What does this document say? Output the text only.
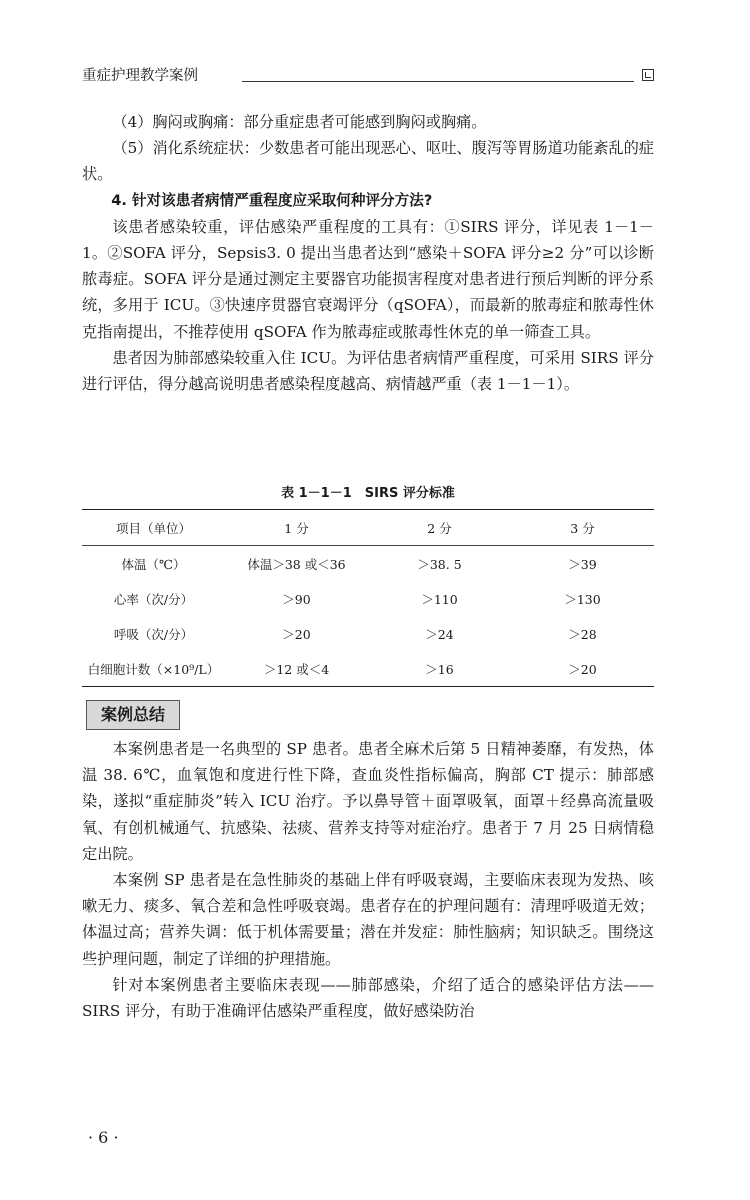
重症护理教学案例

（4）胸闷或胸痛：部分重症患者可能感到胸闷或胸痛。

（5）消化系统症状：少数患者可能出现恶心、呕吐、腹泻等胃肠道功能紊乱的症状。

4. 针对该患者病情严重程度应采取何种评分方法?

该患者感染较重，评估感染严重程度的工具有：①SIRS 评分，详见表 1－1－1。②SOFA 评分，Sepsis3. 0 提出当患者达到“感染＋SOFA 评分≥2 分”可以诊断脓毒症。SOFA 评分是通过测定主要器官功能损害程度对患者进行预后判断的评分系统，多用于 ICU。③快速序贯器官衰竭评分（qSOFA），而最新的脓毒症和脓毒性休克指南提出，不推荐使用 qSOFA 作为脓毒症或脓毒性休克的单一筛查工具。

患者因为肺部感染较重入住 ICU。为评估患者病情严重程度，可采用 SIRS 评分进行评估，得分越高说明患者感染程度越高、病情越严重（表 1－1－1）。

表 1－1－1　SIRS 评分标准
项目（单位）	1 分	2 分	3 分
体温（℃）	体温＞38 或＜36	＞38. 5	＞39
心率（次/分）	＞90	＞110	＞130
呼吸（次/分）	＞20	＞24	＞28
白细胞计数（×10⁹/L）	＞12 或＜4	＞16	＞20
案例总结

本案例患者是一名典型的 SP 患者。患者全麻术后第 5 日精神萎靡，有发热，体温 38. 6℃，血氧饱和度进行性下降，查血炎性指标偏高，胸部 CT 提示：肺部感染，遂拟“重症肺炎”转入 ICU 治疗。予以鼻导管＋面罩吸氧，面罩＋经鼻高流量吸氧、有创机械通气、抗感染、祛痰、营养支持等对症治疗。患者于 7 月 25 日病情稳定出院。

本案例 SP 患者是在急性肺炎的基础上伴有呼吸衰竭，主要临床表现为发热、咳嗽无力、痰多、氧合差和急性呼吸衰竭。患者存在的护理问题有：清理呼吸道无效；体温过高；营养失调：低于机体需要量；潜在并发症：肺性脑病；知识缺乏。围绕这些护理问题，制定了详细的护理措施。

针对本案例患者主要临床表现——肺部感染，介绍了适合的感染评估方法——SIRS 评分，有助于准确评估感染严重程度，做好感染防治

· 6 ·
